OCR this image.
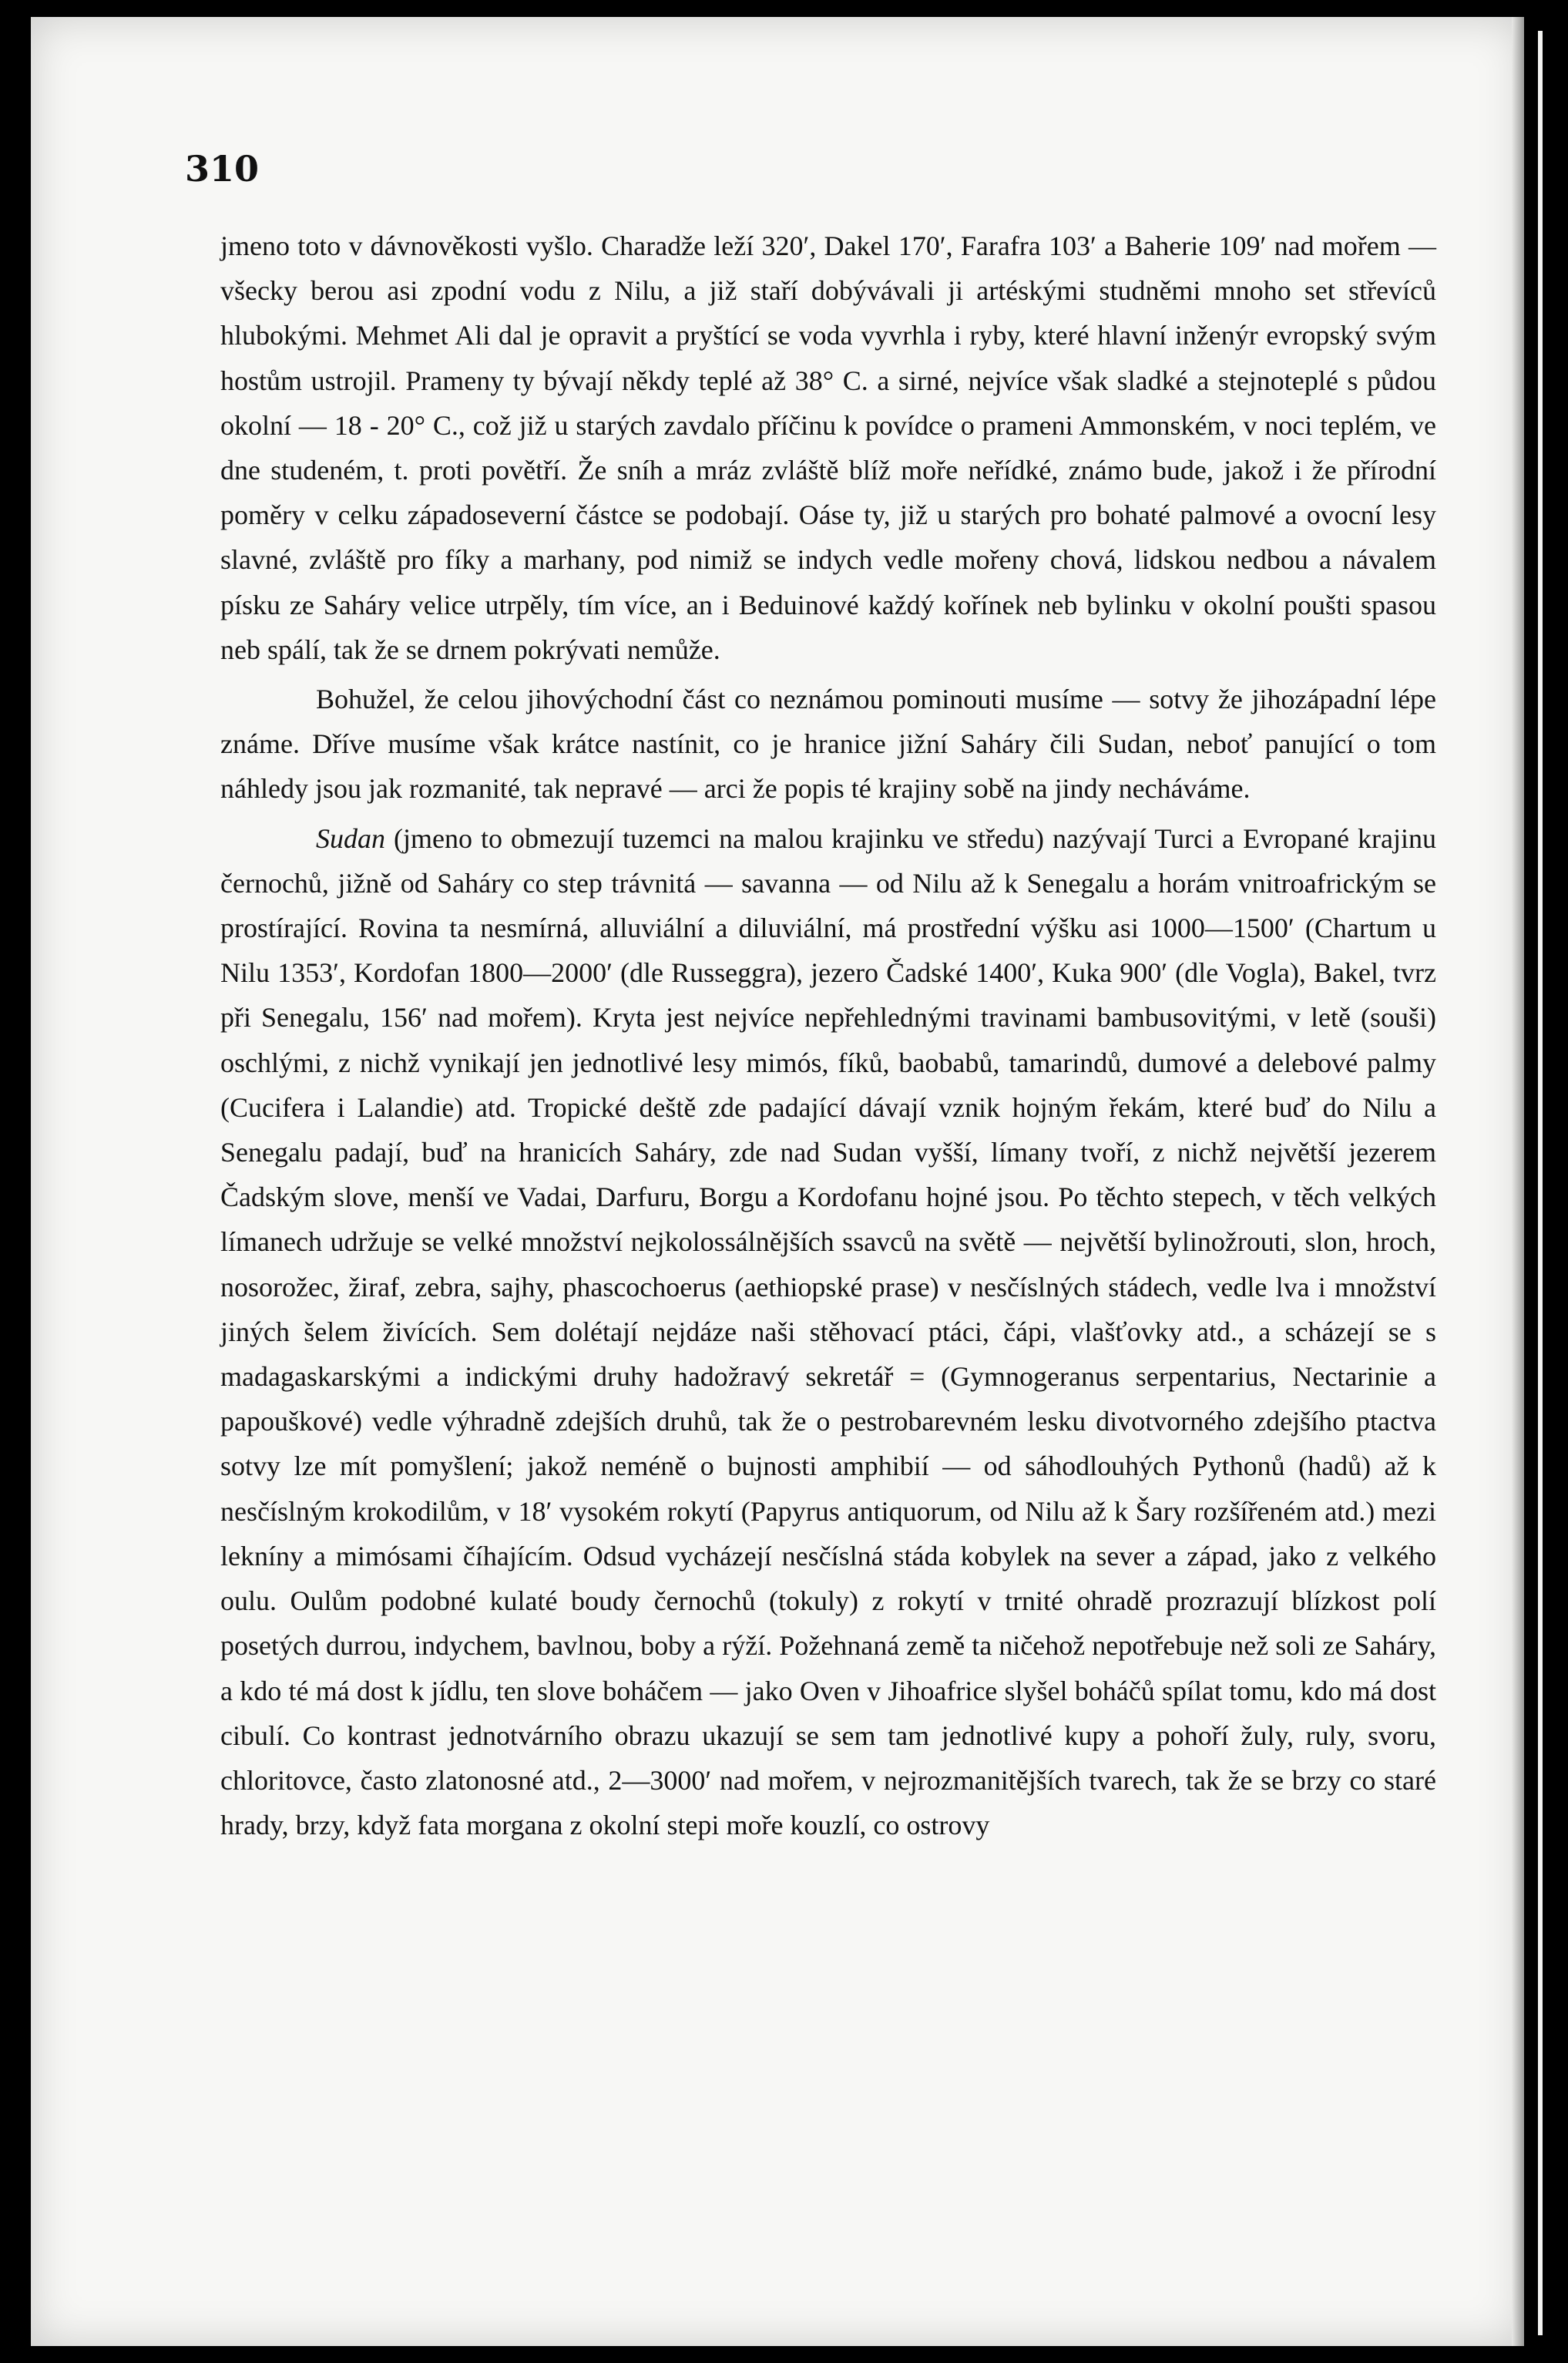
310

jmeno toto v dávnověkosti vyšlo. Charadže leží 320′, Dakel 170′, Farafra 103′ a Baherie 109′ nad mořem — všecky berou asi zpodní vodu z Nilu, a již staří dobývávali ji artéskými studněmi mnoho set střevíců hlubokými. Mehmet Ali dal je opravit a pryštící se voda vyvrhla i ryby, které hlavní inženýr evropský svým hostům ustrojil. Prameny ty bývají někdy teplé až 38° C. a sirné, nejvíce však sladké a stejnoteplé s půdou okolní — 18 - 20° C., což již u starých zavdalo příčinu k povídce o prameni Ammonském, v noci teplém, ve dne studeném, t. proti povětří. Že sníh a mráz zvláště blíž moře neřídké, známo bude, jakož i že přírodní poměry v celku západoseverní částce se podobají. Oáse ty, již u starých pro bohaté palmové a ovocní lesy slavné, zvláště pro fíky a marhany, pod nimiž se indych vedle mořeny chová, lidskou nedbou a návalem písku ze Saháry velice utrpěly, tím více, an i Beduinové každý kořínek neb bylinku v okolní poušti spasou neb spálí, tak že se drnem pokrývati nemůže.

Bohužel, že celou jihovýchodní část co neznámou pominouti musíme — sotvy že jihozápadní lépe známe. Dříve musíme však krátce nastínit, co je hranice jižní Saháry čili Sudan, neboť panující o tom náhledy jsou jak rozmanité, tak nepravé — arci že popis té krajiny sobě na jindy necháváme.

Sudan (jmeno to obmezují tuzemci na malou krajinku ve středu) nazývají Turci a Evropané krajinu černochů, jižně od Saháry co step trávnitá — savanna — od Nilu až k Senegalu a horám vnitroafrickým se prostírající. Rovina ta nesmírná, alluviální a diluviální, má prostřední výšku asi 1000—1500′ (Chartum u Nilu 1353′, Kordofan 1800—2000′ (dle Russeggra), jezero Čadské 1400′, Kuka 900′ (dle Vogla), Bakel, tvrz při Senegalu, 156′ nad mořem). Kryta jest nejvíce nepřehlednými travinami bambusovitými, v letě (souši) oschlými, z nichž vynikají jen jednotlivé lesy mimós, fíků, baobabů, tamarindů, dumové a delebové palmy (Cucifera i Lalandie) atd. Tropické deště zde padající dávají vznik hojným řekám, které buď do Nilu a Senegalu padají, buď na hranicích Saháry, zde nad Sudan vyšší, límany tvoří, z nichž největší jezerem Čadským slove, menší ve Vadai, Darfuru, Borgu a Kordofanu hojné jsou. Po těchto stepech, v těch velkých límanech udržuje se velké množství nejkolossálnějších ssavců na světě — největší bylinožrouti, slon, hroch, nosorožec, žiraf, zebra, sajhy, phascochoerus (aethiopské prase) v nesčíslných stádech, vedle lva i množství jiných šelem živících. Sem dolétají nejdáze naši stěhovací ptáci, čápi, vlašťovky atd., a scházejí se s madagaskarskými a indickými druhy hadožravý sekretář = (Gymnogeranus serpentarius, Nectarinie a papouškové) vedle výhradně zdejších druhů, tak že o pestrobarevném lesku divotvorného zdejšího ptactva sotvy lze mít pomyšlení; jakož neméně o bujnosti amphibií — od sáhodlouhých Pythonů (hadů) až k nesčíslným krokodilům, v 18′ vysokém rokytí (Papyrus antiquorum, od Nilu až k Šary rozšířeném atd.) mezi lekníny a mimósami číhajícím. Odsud vycházejí nesčíslná stáda kobylek na sever a západ, jako z velkého oulu. Oulům podobné kulaté boudy černochů (tokuly) z rokytí v trnité ohradě prozrazují blízkost polí posetých durrou, indychem, bavlnou, boby a rýží. Požehnaná země ta ničehož nepotřebuje než soli ze Saháry, a kdo té má dost k jídlu, ten slove boháčem — jako Oven v Jihoafrice slyšel boháčů spílat tomu, kdo má dost cibulí. Co kontrast jednotvárního obrazu ukazují se sem tam jednotlivé kupy a pohoří žuly, ruly, svoru, chloritovce, často zlatonosné atd., 2—3000′ nad mořem, v nejrozmanitějších tvarech, tak že se brzy co staré hrady, brzy, když fata morgana z okolní stepi moře kouzlí, co ostrovy
